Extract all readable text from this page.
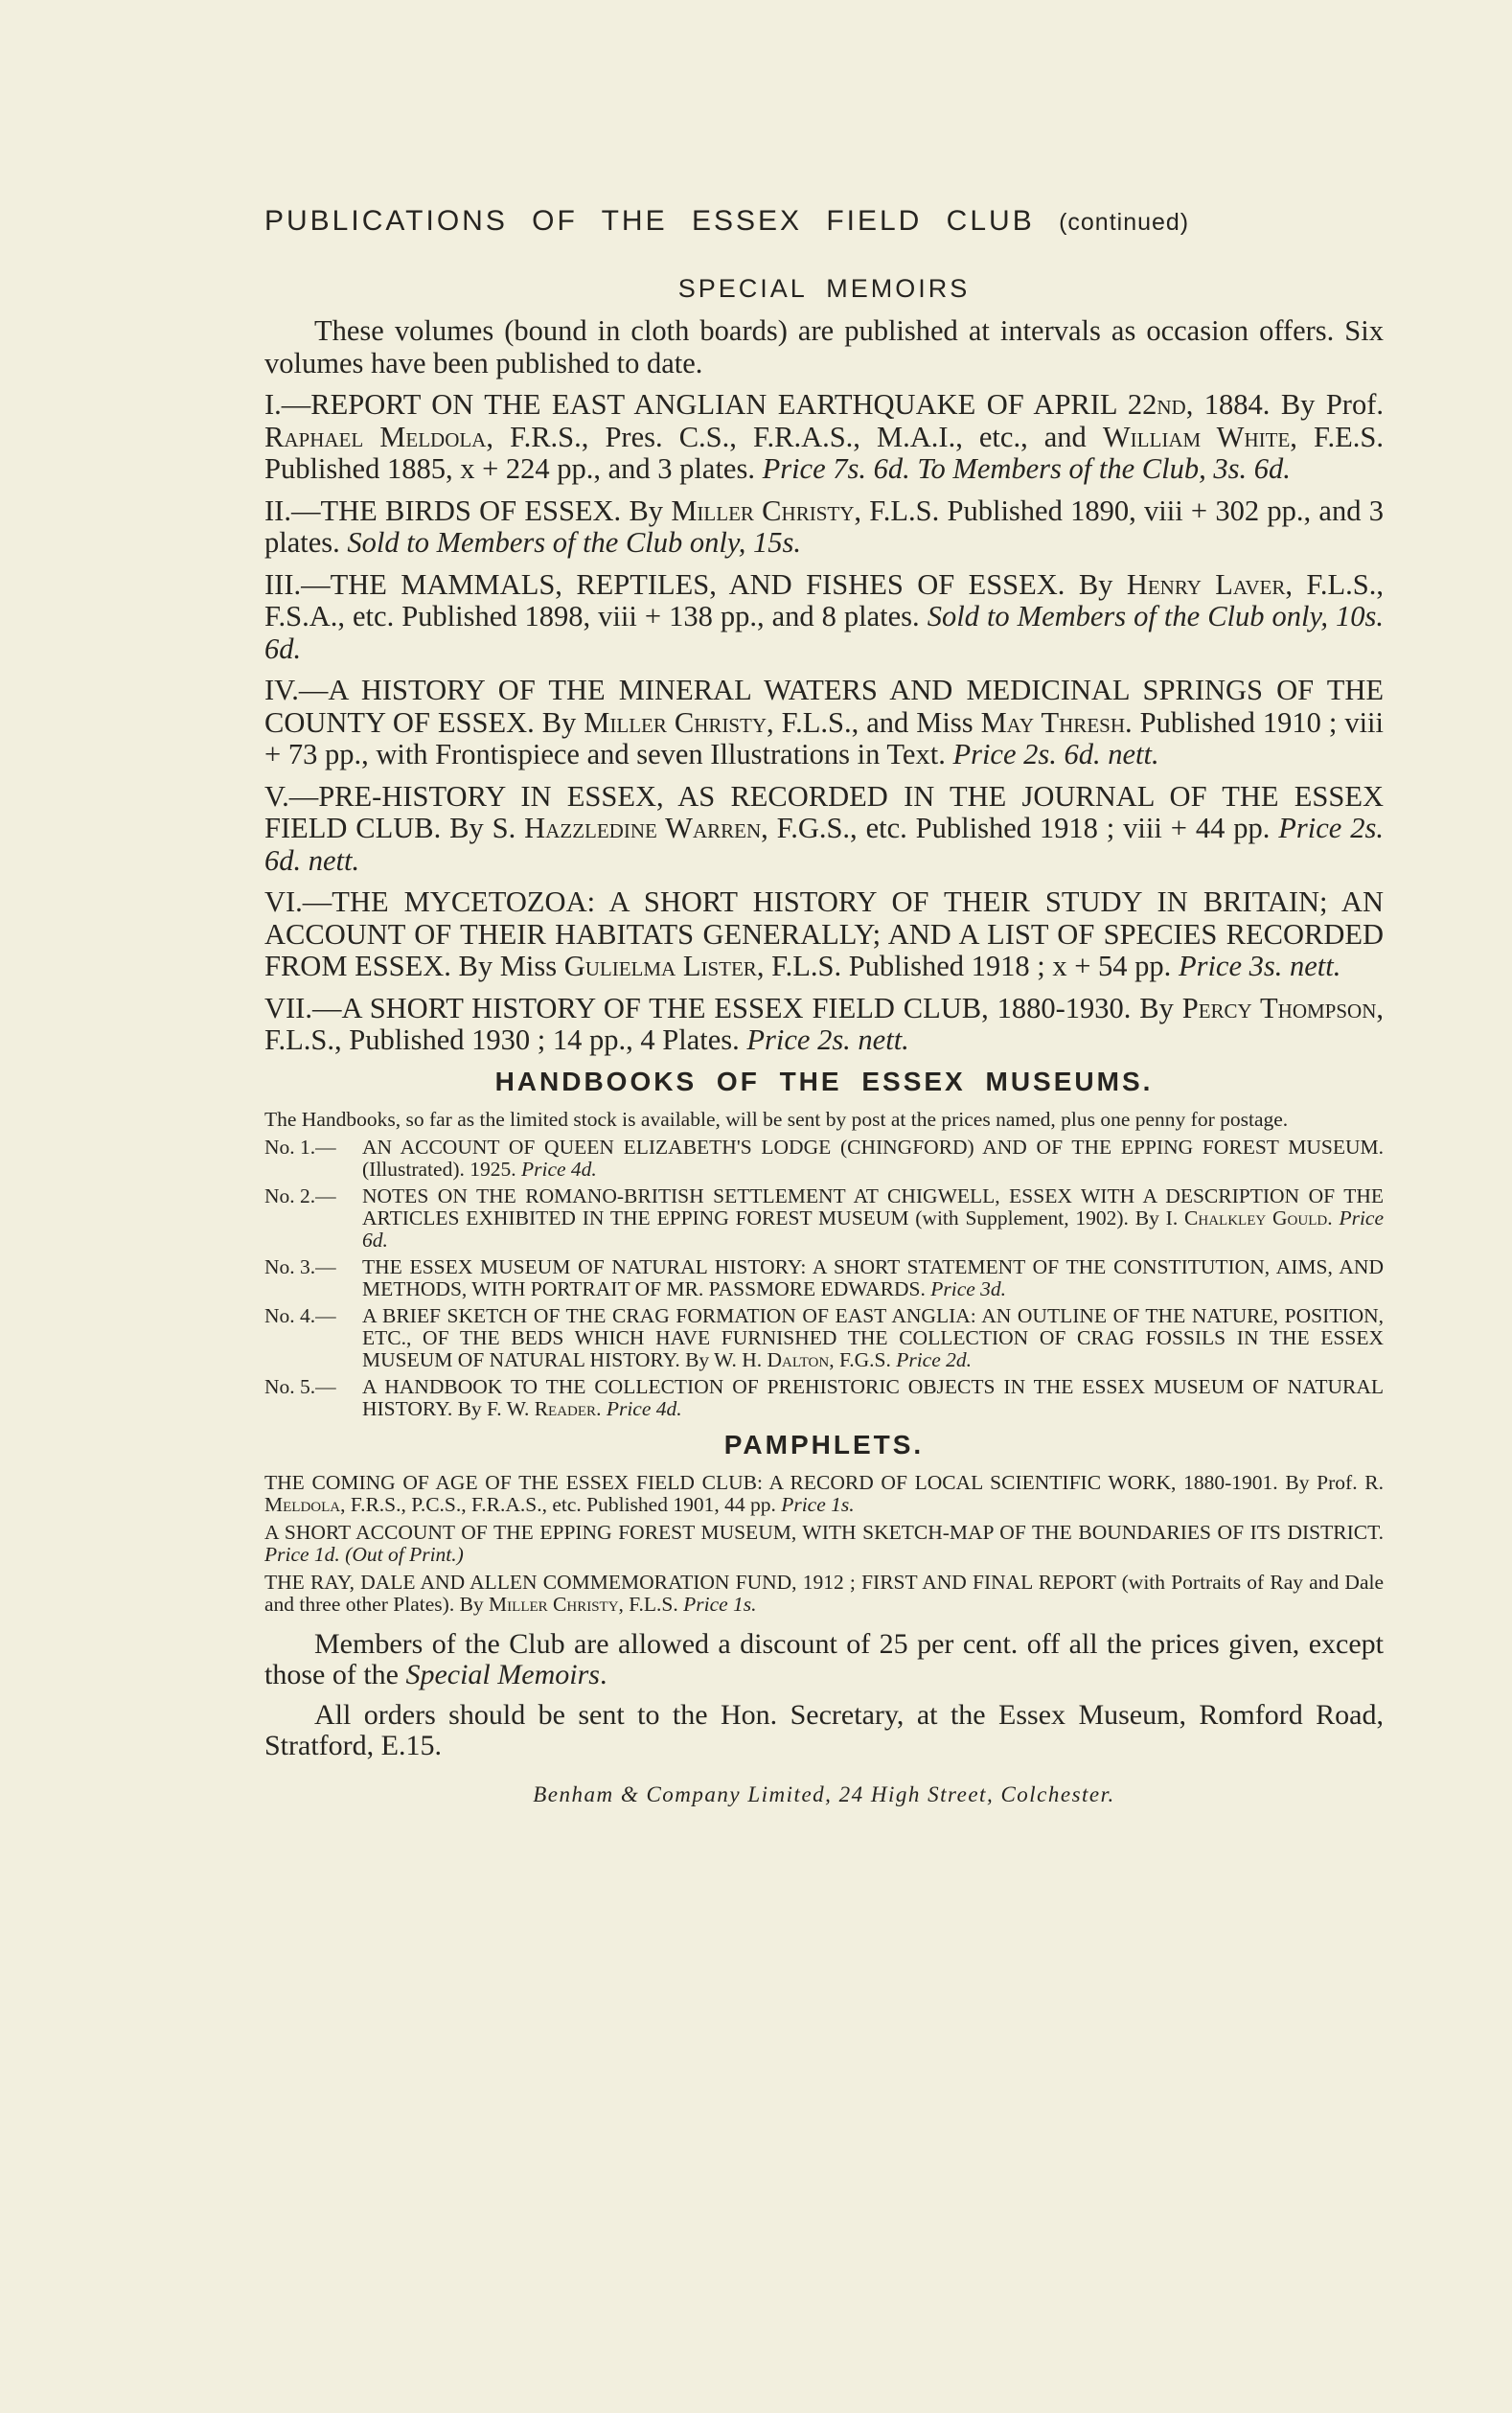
PUBLICATIONS OF THE ESSEX FIELD CLUB (continued)
SPECIAL MEMOIRS

These volumes (bound in cloth boards) are published at intervals as occasion offers. Six volumes have been published to date.

I.—REPORT ON THE EAST ANGLIAN EARTHQUAKE OF APRIL 22nd, 1884. By Prof. Raphael Meldola, F.R.S., Pres. C.S., F.R.A.S., M.A.I., etc., and William White, F.E.S. Published 1885, x + 224 pp., and 3 plates. Price 7s. 6d. To Members of the Club, 3s. 6d.

II.—THE BIRDS OF ESSEX. By Miller Christy, F.L.S. Published 1890, viii + 302 pp., and 3 plates. Sold to Members of the Club only, 15s.

III.—THE MAMMALS, REPTILES, AND FISHES OF ESSEX. By Henry Laver, F.L.S., F.S.A., etc. Published 1898, viii + 138 pp., and 8 plates. Sold to Members of the Club only, 10s. 6d.

IV.—A HISTORY OF THE MINERAL WATERS AND MEDICINAL SPRINGS OF THE COUNTY OF ESSEX. By Miller Christy, F.L.S., and Miss May Thresh. Published 1910 ; viii + 73 pp., with Frontispiece and seven Illustrations in Text. Price 2s. 6d. nett.

V.—PRE-HISTORY IN ESSEX, AS RECORDED IN THE JOURNAL OF THE ESSEX FIELD CLUB. By S. Hazzledine Warren, F.G.S., etc. Published 1918 ; viii + 44 pp. Price 2s. 6d. nett.

VI.—THE MYCETOZOA: A SHORT HISTORY OF THEIR STUDY IN BRITAIN; AN ACCOUNT OF THEIR HABITATS GENERALLY; AND A LIST OF SPECIES RECORDED FROM ESSEX. By Miss Gulielma Lister, F.L.S. Published 1918 ; x + 54 pp. Price 3s. nett.

VII.—A SHORT HISTORY OF THE ESSEX FIELD CLUB, 1880-1930. By Percy Thompson, F.L.S., Published 1930 ; 14 pp., 4 Plates. Price 2s. nett.

HANDBOOKS OF THE ESSEX MUSEUMS.

The Handbooks, so far as the limited stock is available, will be sent by post at the prices named, plus one penny for postage.

No. 1.—	AN ACCOUNT OF QUEEN ELIZABETH'S LODGE (CHINGFORD) AND OF THE EPPING FOREST MUSEUM. (Illustrated). 1925. Price 4d.
No. 2.—	NOTES ON THE ROMANO-BRITISH SETTLEMENT AT CHIGWELL, ESSEX WITH A DESCRIPTION OF THE ARTICLES EXHIBITED IN THE EPPING FOREST MUSEUM (with Supplement, 1902). By I. Chalkley Gould. Price 6d.
No. 3.—	THE ESSEX MUSEUM OF NATURAL HISTORY: A SHORT STATEMENT OF THE CONSTITUTION, AIMS, AND METHODS, WITH PORTRAIT OF MR. PASSMORE EDWARDS. Price 3d.
No. 4.—	A BRIEF SKETCH OF THE CRAG FORMATION OF EAST ANGLIA: AN OUTLINE OF THE NATURE, POSITION, ETC., OF THE BEDS WHICH HAVE FURNISHED THE COLLECTION OF CRAG FOSSILS IN THE ESSEX MUSEUM OF NATURAL HISTORY. By W. H. Dalton, F.G.S. Price 2d.
No. 5.—	A HANDBOOK TO THE COLLECTION OF PREHISTORIC OBJECTS IN THE ESSEX MUSEUM OF NATURAL HISTORY. By F. W. Reader. Price 4d.
PAMPHLETS.

THE COMING OF AGE OF THE ESSEX FIELD CLUB: A RECORD OF LOCAL SCIENTIFIC WORK, 1880-1901. By Prof. R. Meldola, F.R.S., P.C.S., F.R.A.S., etc. Published 1901, 44 pp. Price 1s.

A SHORT ACCOUNT OF THE EPPING FOREST MUSEUM, WITH SKETCH-MAP OF THE BOUNDARIES OF ITS DISTRICT. Price 1d. (Out of Print.)

THE RAY, DALE AND ALLEN COMMEMORATION FUND, 1912 ; FIRST AND FINAL REPORT (with Portraits of Ray and Dale and three other Plates). By Miller Christy, F.L.S. Price 1s.

Members of the Club are allowed a discount of 25 per cent. off all the prices given, except those of the Special Memoirs.

All orders should be sent to the Hon. Secretary, at the Essex Museum, Romford Road, Stratford, E.15.

Benham & Company Limited, 24 High Street, Colchester.
